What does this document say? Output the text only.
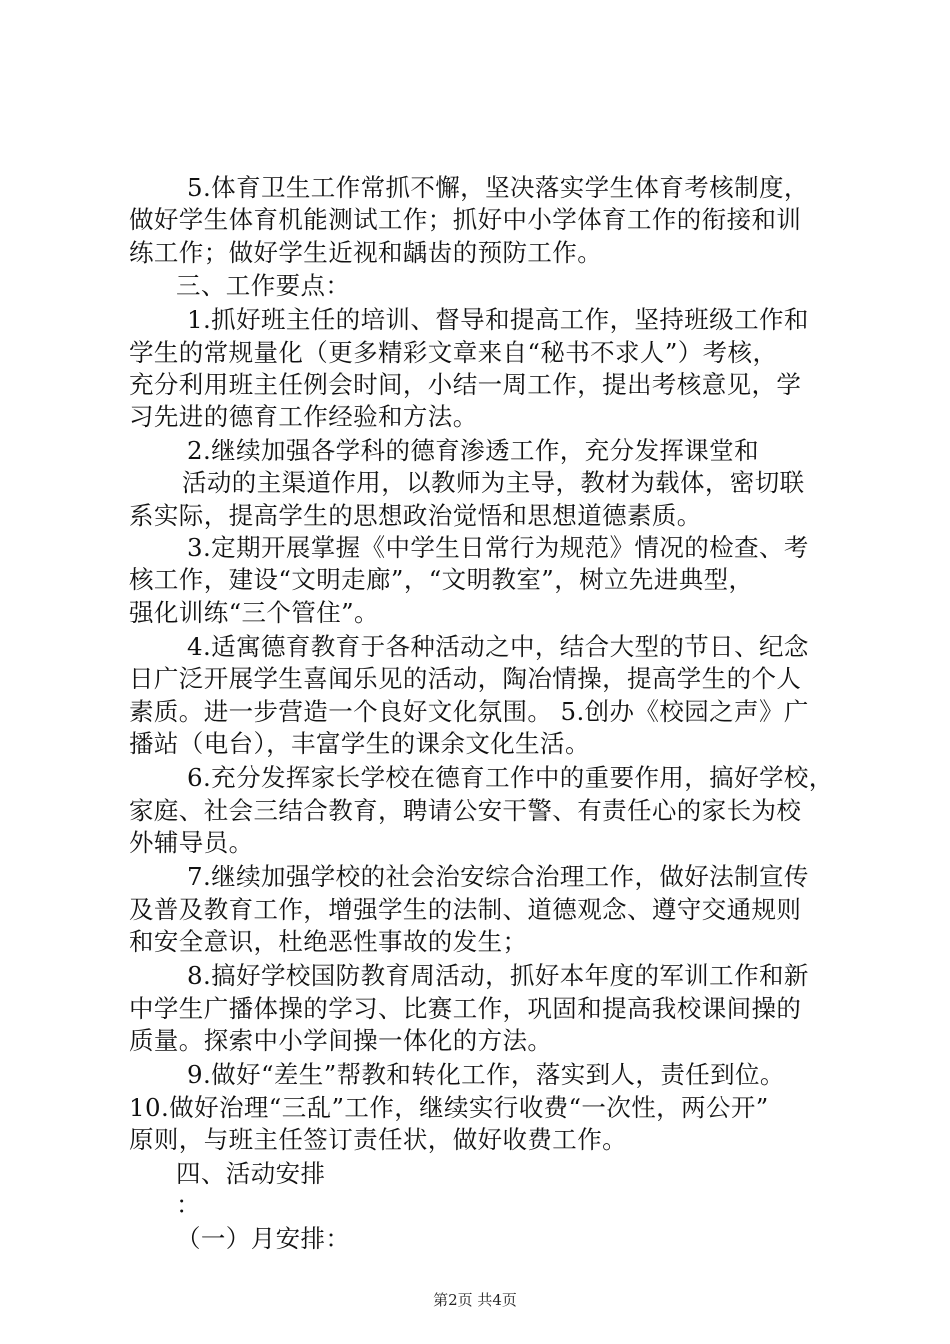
5.体育卫生工作常抓不懈，坚决落实学生体育考核制度，
做好学生体育机能测试工作；抓好中小学体育工作的衔接和训
练工作；做好学生近视和龋齿的预防工作。
三、工作要点：
1.抓好班主任的培训、督导和提高工作，坚持班级工作和
学生的常规量化（更多精彩文章来自“秘书不求人”）考核，
充分利用班主任例会时间，小结一周工作，提出考核意见，学
习先进的德育工作经验和方法。
2.继续加强各学科的德育渗透工作，充分发挥课堂和
活动的主渠道作用，以教师为主导，教材为载体，密切联
系实际，提高学生的思想政治觉悟和思想道德素质。
3.定期开展掌握《中学生日常行为规范》情况的检查、考
核工作，建设“文明走廊”，“文明教室”，树立先进典型，
强化训练“三个管住”。
4.适寓德育教育于各种活动之中，结合大型的节日、纪念
日广泛开展学生喜闻乐见的活动，陶冶情操，提高学生的个人
素质。进一步营造一个良好文化氛围。 5.创办《校园之声》广
播站（电台），丰富学生的课余文化生活。
6.充分发挥家长学校在德育工作中的重要作用，搞好学校，
家庭、社会三结合教育，聘请公安干警、有责任心的家长为校
外辅导员。
7.继续加强学校的社会治安综合治理工作，做好法制宣传
及普及教育工作，增强学生的法制、道德观念、遵守交通规则
和安全意识，杜绝恶性事故的发生；
8.搞好学校国防教育周活动，抓好本年度的军训工作和新
中学生广播体操的学习、比赛工作，巩固和提高我校课间操的
质量。探索中小学间操一体化的方法。
9.做好“差生”帮教和转化工作，落实到人，责任到位。
10.做好治理“三乱”工作，继续实行收费“一次性，两公开”
原则，与班主任签订责任状，做好收费工作。
四、活动安排
：
（一）月安排：
第2页 共4页
